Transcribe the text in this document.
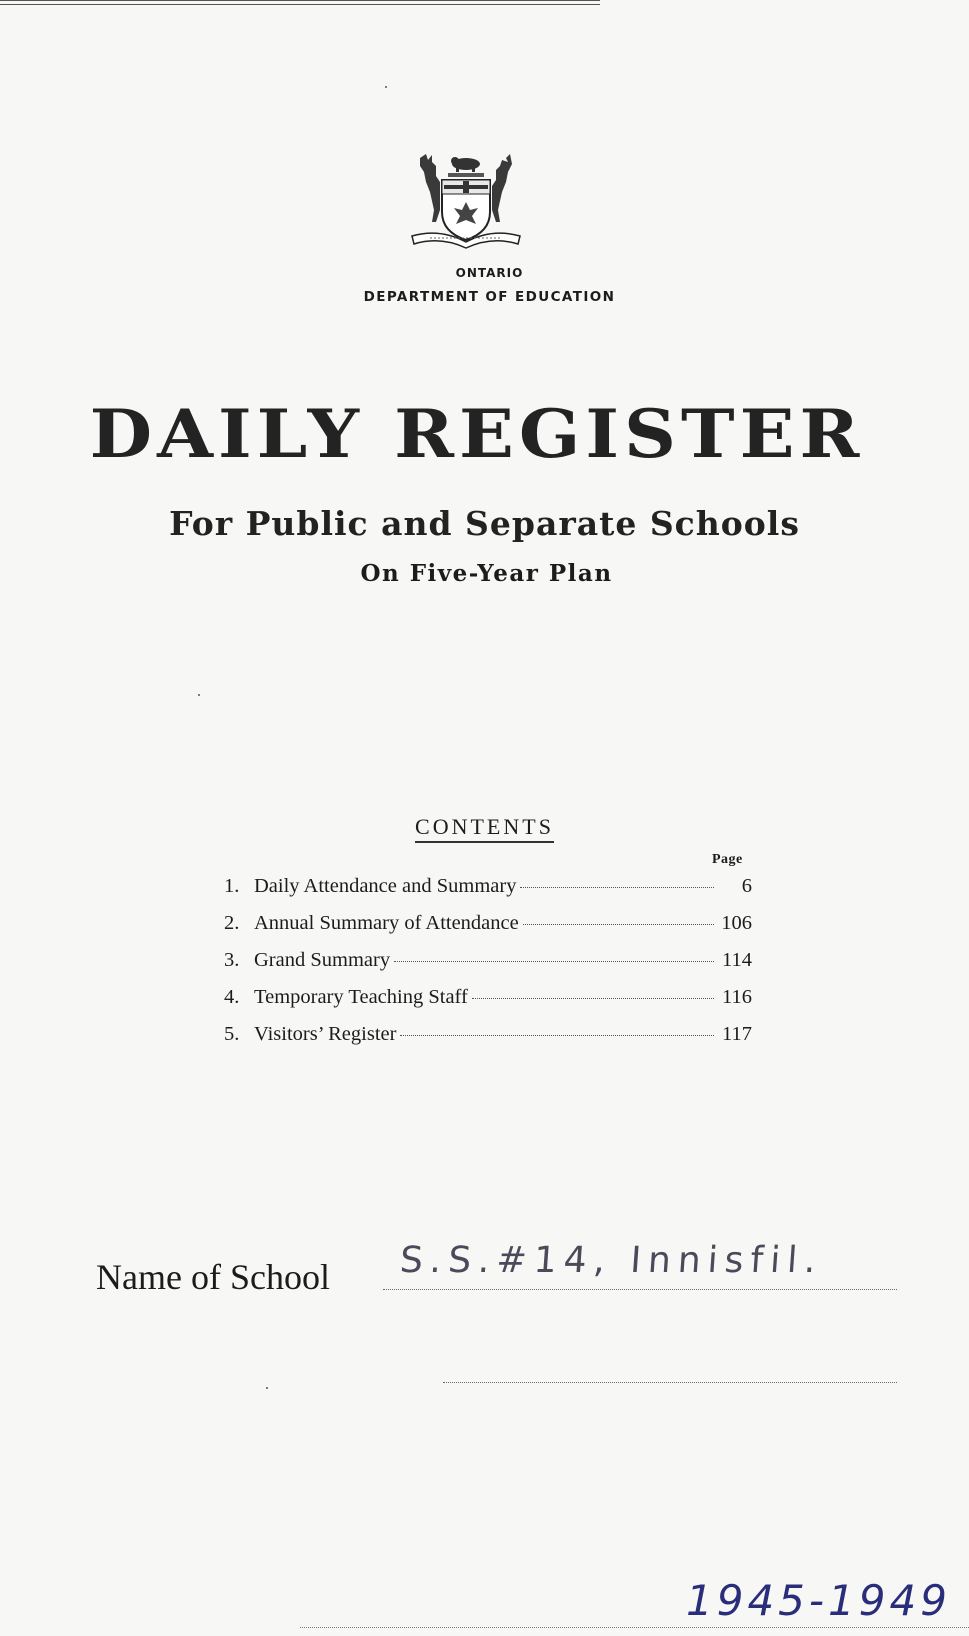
ONTARIO
DEPARTMENT OF EDUCATION
DAILY REGISTER
For Public and Separate Schools
On Five-Year Plan
CONTENTS
Page
1. Daily Attendance and Summary	6
2. Annual Summary of Attendance	106
3. Grand Summary	114
4. Temporary Teaching Staff	116
5. Visitors’ Register	117
Name of School S.S.#14, Innisfil.
1945-1949
